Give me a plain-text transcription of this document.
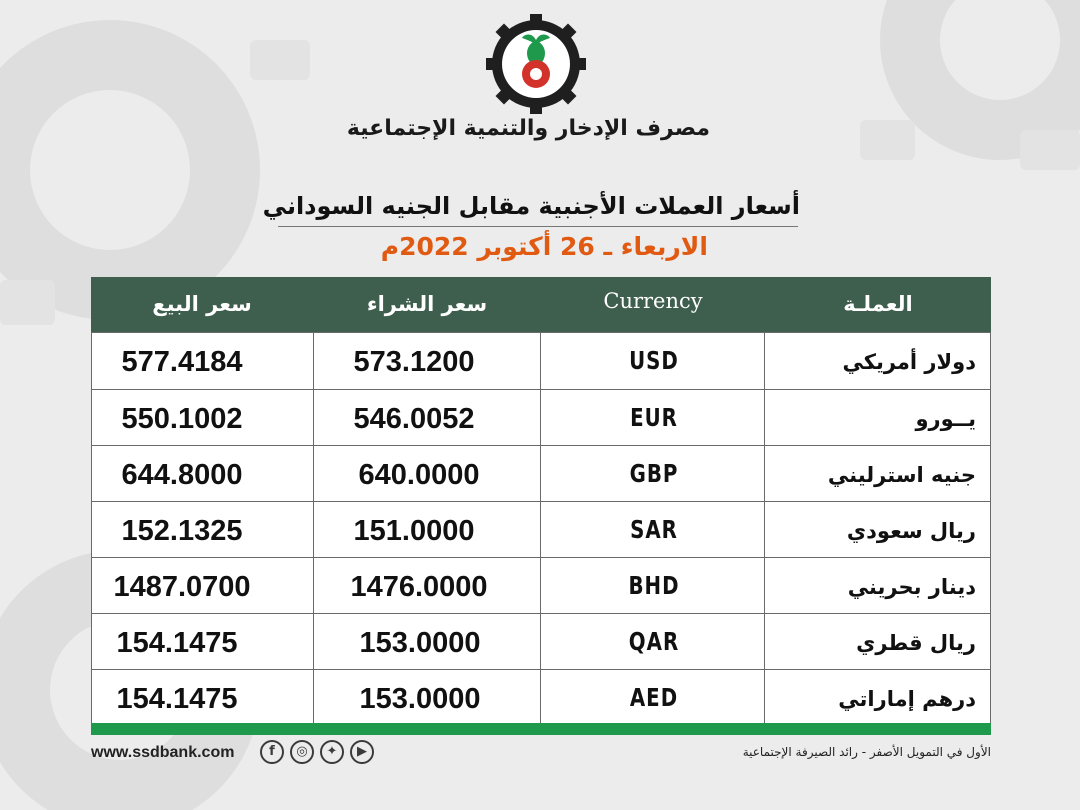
مصرف الإدخار والتنمية الإجتماعية
أسعار العملات الأجنبية مقابل الجنيه السوداني
الاربعاء ـ 26 أكتوبر 2022م
سعر البيع	سعر الشراء	Currency	العملـة
577.4184	573.1200	USD	دولار أمريكي
550.1002	546.0052	EUR	يــورو
644.8000	640.0000	GBP	جنيه استرليني
152.1325	151.0000	SAR	ريال سعودي
1487.0700	1476.0000	BHD	دينار بحريني
154.1475	153.0000	QAR	ريال قطري
154.1475	153.0000	AED	درهم إماراتي
www.ssdbank.com	f	◎	✦	▶	الأول في التمويل الأصفر - رائد الصيرفة الإجتماعية
